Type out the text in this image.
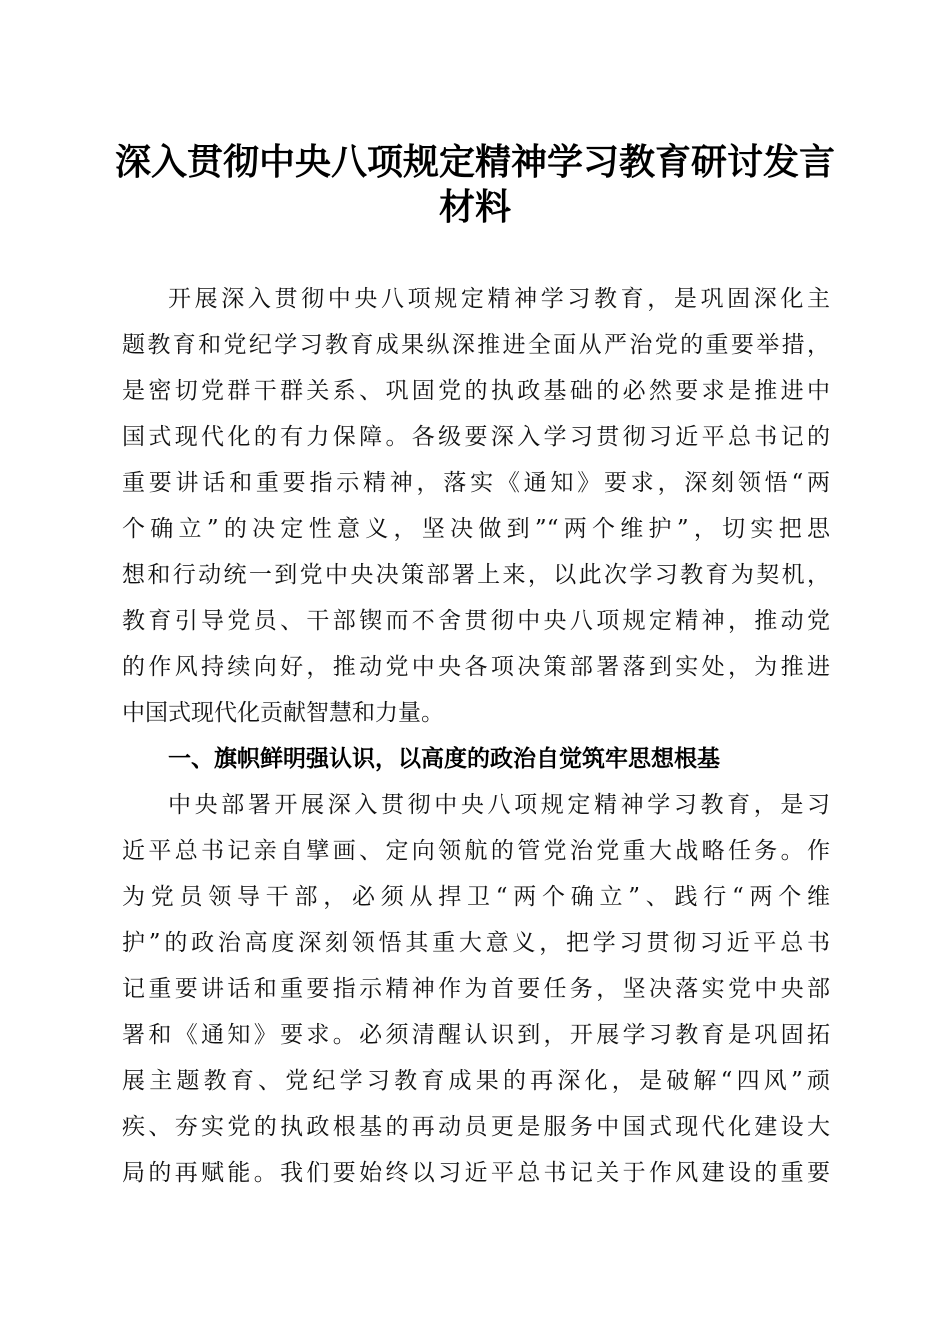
深入贯彻中央八项规定精神学习教育研讨发言
材料
开展深入贯彻中央八项规定精神学习教育，是巩固深化主
题教育和党纪学习教育成果纵深推进全面从严治党的重要举措，
是密切党群干群关系、巩固党的执政基础的必然要求是推进中
国式现代化的有力保障。各级要深入学习贯彻习近平总书记的
重要讲话和重要指示精神，落实《通知》要求，深刻领悟“两
个确立”的决定性意义，坚决做到”“两个维护”，切实把思
想和行动统一到党中央决策部署上来，以此次学习教育为契机，
教育引导党员、干部锲而不舍贯彻中央八项规定精神，推动党
的作风持续向好，推动党中央各项决策部署落到实处，为推进
中国式现代化贡献智慧和力量。
一、旗帜鲜明强认识，以高度的政治自觉筑牢思想根基
中央部署开展深入贯彻中央八项规定精神学习教育，是习
近平总书记亲自擘画、定向领航的管党治党重大战略任务。作
为党员领导干部，必须从捍卫“两个确立”、践行“两个维
护”的政治高度深刻领悟其重大意义，把学习贯彻习近平总书
记重要讲话和重要指示精神作为首要任务，坚决落实党中央部
署和《通知》要求。必须清醒认识到，开展学习教育是巩固拓
展主题教育、党纪学习教育成果的再深化，是破解“四风”顽
疾、夯实党的执政根基的再动员更是服务中国式现代化建设大
局的再赋能。我们要始终以习近平总书记关于作风建设的重要
